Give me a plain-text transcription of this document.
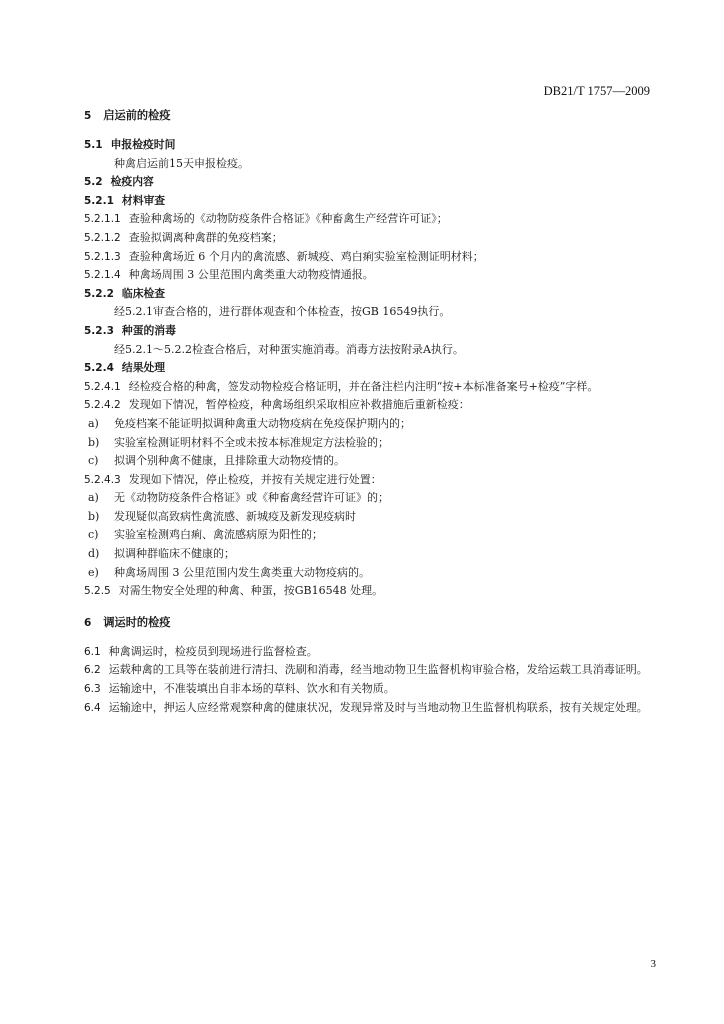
DB21/T 1757—2009

5 启运前的检疫

5.1 申报检疫时间

种禽启运前15天申报检疫。

5.2 检疫内容

5.2.1 材料审查

5.2.1.1 查验种禽场的《动物防疫条件合格证》《种畜禽生产经营许可证》；

5.2.1.2 查验拟调离种禽群的免疫档案；

5.2.1.3 查验种禽场近 6 个月内的禽流感、新城疫、鸡白痢实验室检测证明材料；

5.2.1.4 种禽场周围 3 公里范围内禽类重大动物疫情通报。

5.2.2 临床检查

经5.2.1审查合格的，进行群体观查和个体检查，按GB 16549执行。

5.2.3 种蛋的消毒

经5.2.1～5.2.2检查合格后，对种蛋实施消毒。消毒方法按附录A执行。

5.2.4 结果处理

5.2.4.1 经检疫合格的种禽，签发动物检疫合格证明，并在备注栏内注明“按+本标准备案号+检疫”字样。

5.2.4.2 发现如下情况，暂停检疫，种禽场组织采取相应补救措施后重新检疫：

a) 免疫档案不能证明拟调种禽重大动物疫病在免疫保护期内的；

b) 实验室检测证明材料不全或未按本标准规定方法检验的；

c) 拟调个别种禽不健康，且排除重大动物疫情的。

5.2.4.3 发现如下情况，停止检疫，并按有关规定进行处置：

a) 无《动物防疫条件合格证》或《种畜禽经营许可证》的；

b) 发现疑似高致病性禽流感、新城疫及新发现疫病时

c) 实验室检测鸡白痢、禽流感病原为阳性的；

d) 拟调种群临床不健康的；

e) 种禽场周围 3 公里范围内发生禽类重大动物疫病的。

5.2.5 对需生物安全处理的种禽、种蛋，按GB16548 处理。

6 调运时的检疫

6.1 种禽调运时，检疫员到现场进行监督检查。

6.2 运载种禽的工具等在装前进行清扫、洗刷和消毒，经当地动物卫生监督机构审验合格，发给运载工具消毒证明。

6.3 运输途中，不准装填出自非本场的草料、饮水和有关物质。

6.4 运输途中，押运人应经常观察种禽的健康状况，发现异常及时与当地动物卫生监督机构联系，按有关规定处理。

3
